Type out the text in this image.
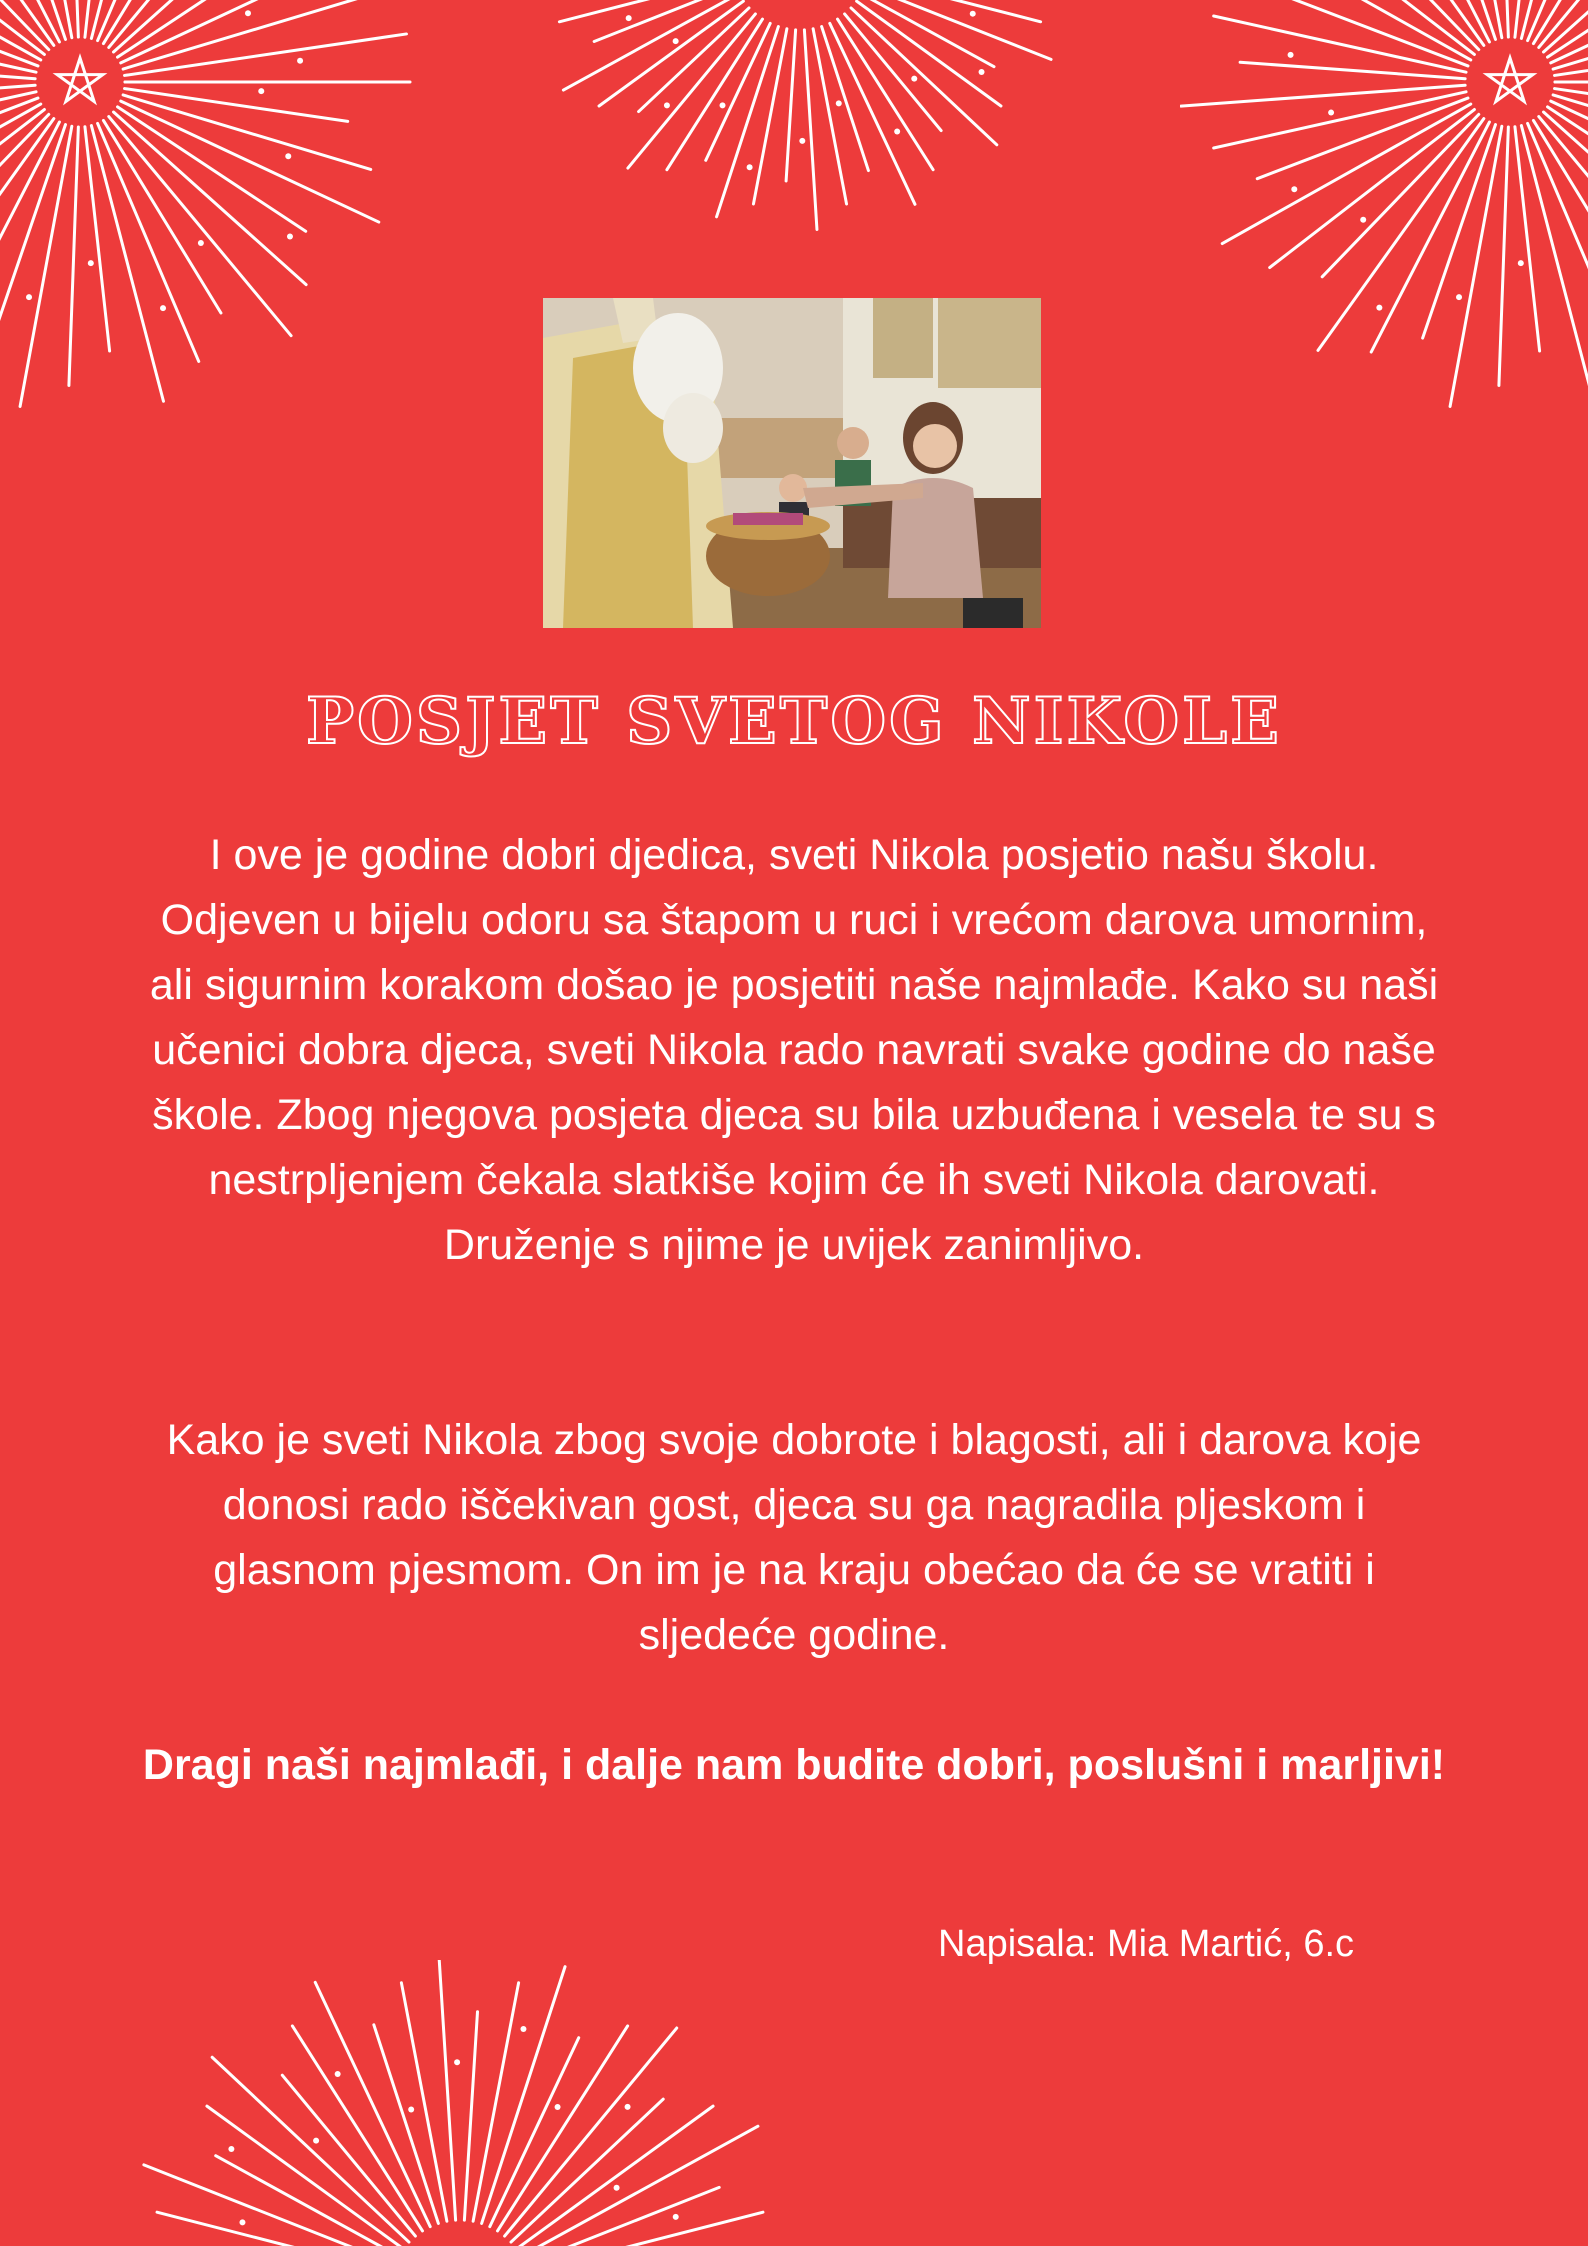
POSJET SVETOG NIKOLE

I ove je godine dobri djedica, sveti Nikola posjetio našu školu. Odjeven u bijelu odoru sa štapom u ruci i vrećom darova umornim, ali sigurnim korakom došao je posjetiti naše najmlađe. Kako su naši učenici dobra djeca, sveti Nikola rado navrati svake godine do naše škole. Zbog njegova posjeta djeca su bila uzbuđena i vesela te su s nestrpljenjem čekala slatkiše kojim će ih sveti Nikola darovati. Druženje s njime je uvijek zanimljivo.

Kako je sveti Nikola zbog svoje dobrote i blagosti, ali i darova koje donosi rado iščekivan gost, djeca su ga nagradila pljeskom i glasnom pjesmom. On im je na kraju obećao da će se vratiti i sljedeće godine.

Dragi naši najmlađi, i dalje nam budite dobri, poslušni i marljivi!

Napisala: Mia Martić, 6.c
